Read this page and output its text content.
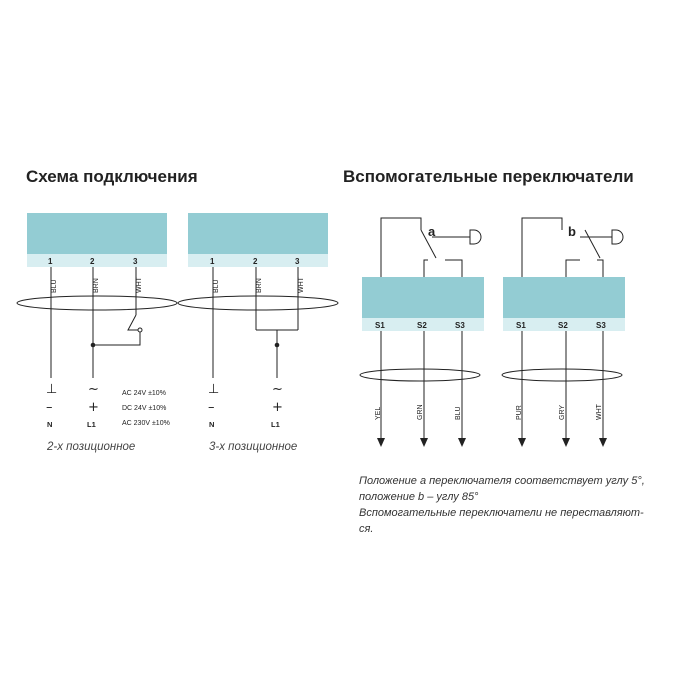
Схема подключения	Вспомогательные переключатели
1	2	3
BLU	BRN	WHT
⊥ ~
–	+
N	L1
AC 24V ±10%
DC 24V ±10%
AC 230V ±10%
2-х позиционное
1	2	3
BLU	BRN	WHT
⊥	~
–	+
N	L1
3-х позиционное
a
S1	S2	S3
YEL	GRN	BLU
b
S1	S2	S3
PUR	GRY	WHT
Положение a переключателя соответствует углу 5°,
положение b – углу 85°
Вспомогательные переключатели не переставляют-
ся.
